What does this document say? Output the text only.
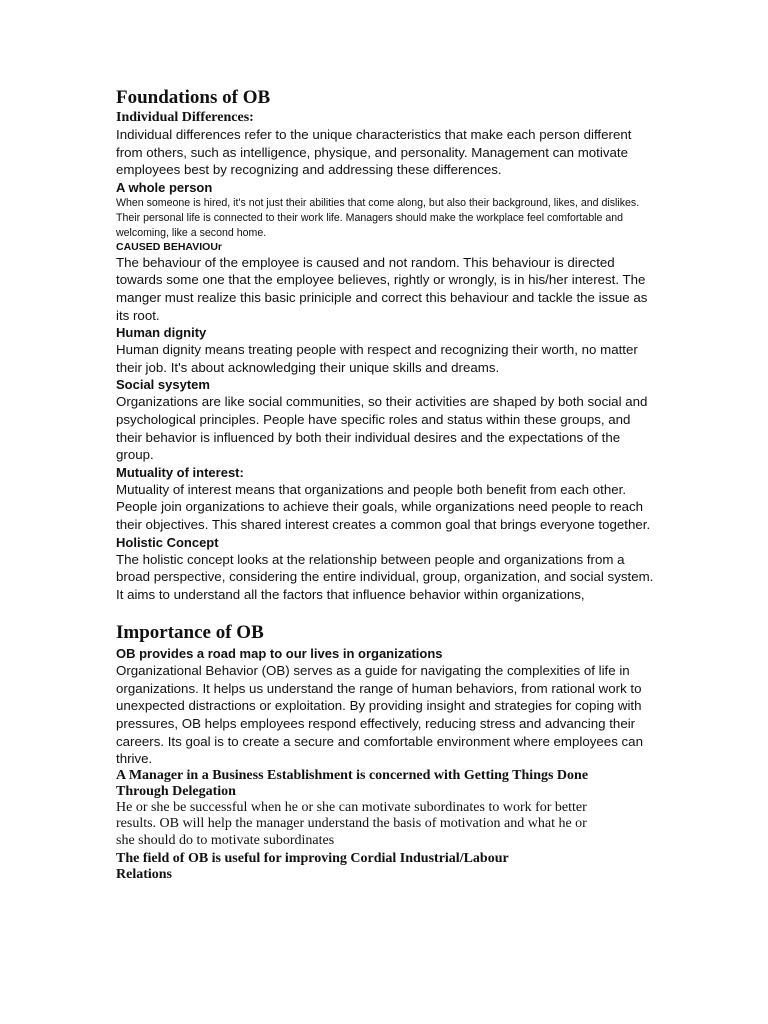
Foundations of OB
Individual Differences:

Individual differences refer to the unique characteristics that make each person different from others, such as intelligence, physique, and personality. Management can motivate employees best by recognizing and addressing these differences.

A whole person

When someone is hired, it's not just their abilities that come along, but also their background, likes, and dislikes. Their personal life is connected to their work life. Managers should make the workplace feel comfortable and welcoming, like a second home.

CAUSED BEHAVIOUr

The behaviour of the employee is caused and not random. This behaviour is directed towards some one that the employee believes, rightly or wrongly, is in his/her interest. The manger must realize this basic priniciple and correct this behaviour and tackle the issue as its root.

Human dignity

Human dignity means treating people with respect and recognizing their worth, no matter their job. It's about acknowledging their unique skills and dreams.

Social sysytem

Organizations are like social communities, so their activities are shaped by both social and psychological principles. People have specific roles and status within these groups, and their behavior is influenced by both their individual desires and the expectations of the group.

Mutuality of interest:

Mutuality of interest means that organizations and people both benefit from each other. People join organizations to achieve their goals, while organizations need people to reach their objectives. This shared interest creates a common goal that brings everyone together.

Holistic Concept

The holistic concept looks at the relationship between people and organizations from a broad perspective, considering the entire individual, group, organization, and social system. It aims to understand all the factors that influence behavior within organizations,

Importance of OB
OB provides a road map to our lives in organizations

Organizational Behavior (OB) serves as a guide for navigating the complexities of life in organizations. It helps us understand the range of human behaviors, from rational work to unexpected distractions or exploitation. By providing insight and strategies for coping with pressures, OB helps employees respond effectively, reducing stress and advancing their careers. Its goal is to create a secure and comfortable environment where employees can thrive.

A Manager in a Business Establishment is concerned with Getting Things Done Through Delegation

He or she be successful when he or she can motivate subordinates to work for better results. OB will help the manager understand the basis of motivation and what he or she should do to motivate subordinates

The field of OB is useful for improving Cordial Industrial/Labour Relations
